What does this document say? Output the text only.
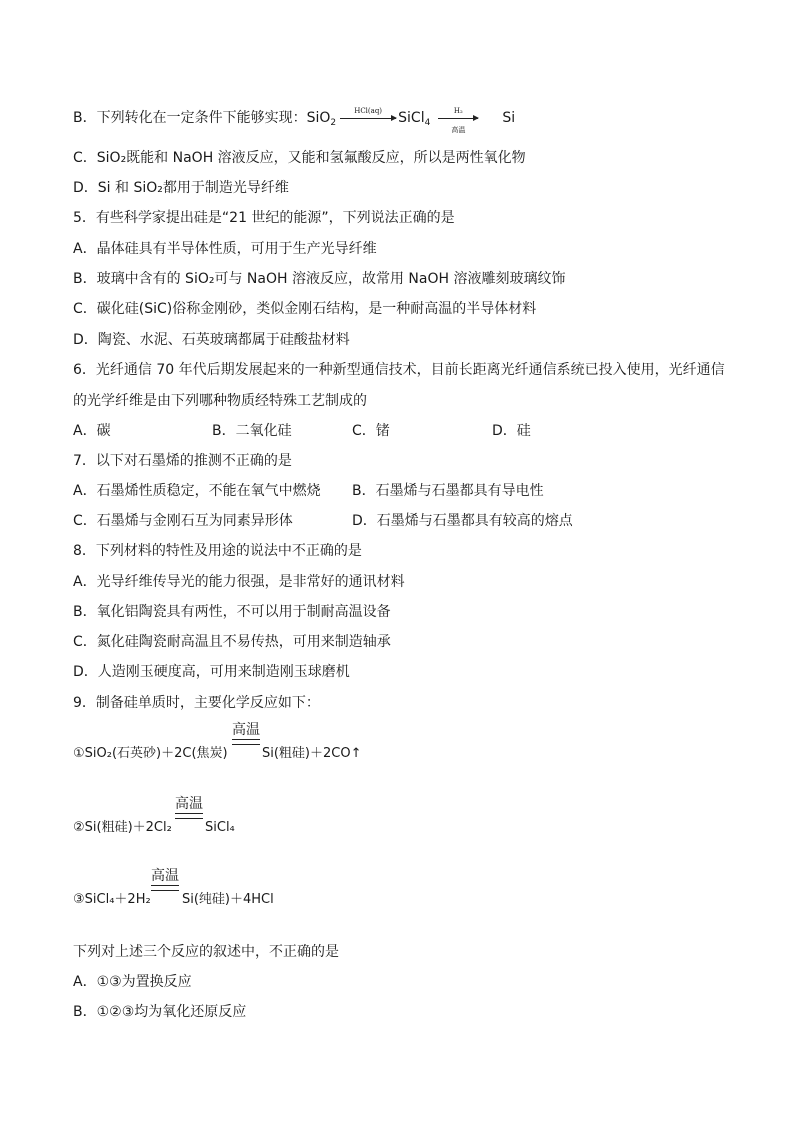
B．下列转化在一定条件下能够实现：SiO$_2$
HCl(aq)	SiCl$_4$
H₂
高温
Si
C．SiO₂既能和 NaOH 溶液反应，又能和氢氟酸反应，所以是两性氧化物
D．Si 和 SiO₂都用于制造光导纤维
5．有些科学家提出硅是“21 世纪的能源”，下列说法正确的是
A．晶体硅具有半导体性质，可用于生产光导纤维
B．玻璃中含有的 SiO₂可与 NaOH 溶液反应，故常用 NaOH 溶液雕刻玻璃纹饰
C．碳化硅(SiC)俗称金刚砂，类似金刚石结构，是一种耐高温的半导体材料
D．陶瓷、水泥、石英玻璃都属于硅酸盐材料
6．光纤通信 70 年代后期发展起来的一种新型通信技术，目前长距离光纤通信系统已投入使用，光纤通信
的光学纤维是由下列哪种物质经特殊工艺制成的
A．碳	B．二氧化硅	C．锗	D．硅
7．以下对石墨烯的推测不正确的是
A．石墨烯性质稳定，不能在氧气中燃烧 B．石墨烯与石墨都具有导电性
C．石墨烯与金刚石互为同素异形体	D．石墨烯与石墨都具有较高的熔点
8．下列材料的特性及用途的说法中不正确的是
A．光导纤维传导光的能力很强，是非常好的通讯材料
B．氧化铝陶瓷具有两性，不可以用于制耐高温设备
C．氮化硅陶瓷耐高温且不易传热，可用来制造轴承
D．人造刚玉硬度高，可用来制造刚玉球磨机
9．制备硅单质时，主要化学反应如下：
高温
①SiO₂(石英砂)＋2C(焦炭)	Si(粗硅)＋2CO↑
高温
②Si(粗硅)＋2Cl₂	SiCl₄
高温
③SiCl₄＋2H₂ Si(纯硅)＋4HCl
下列对上述三个反应的叙述中，不正确的是
A．①③为置换反应
B．①②③均为氧化还原反应
